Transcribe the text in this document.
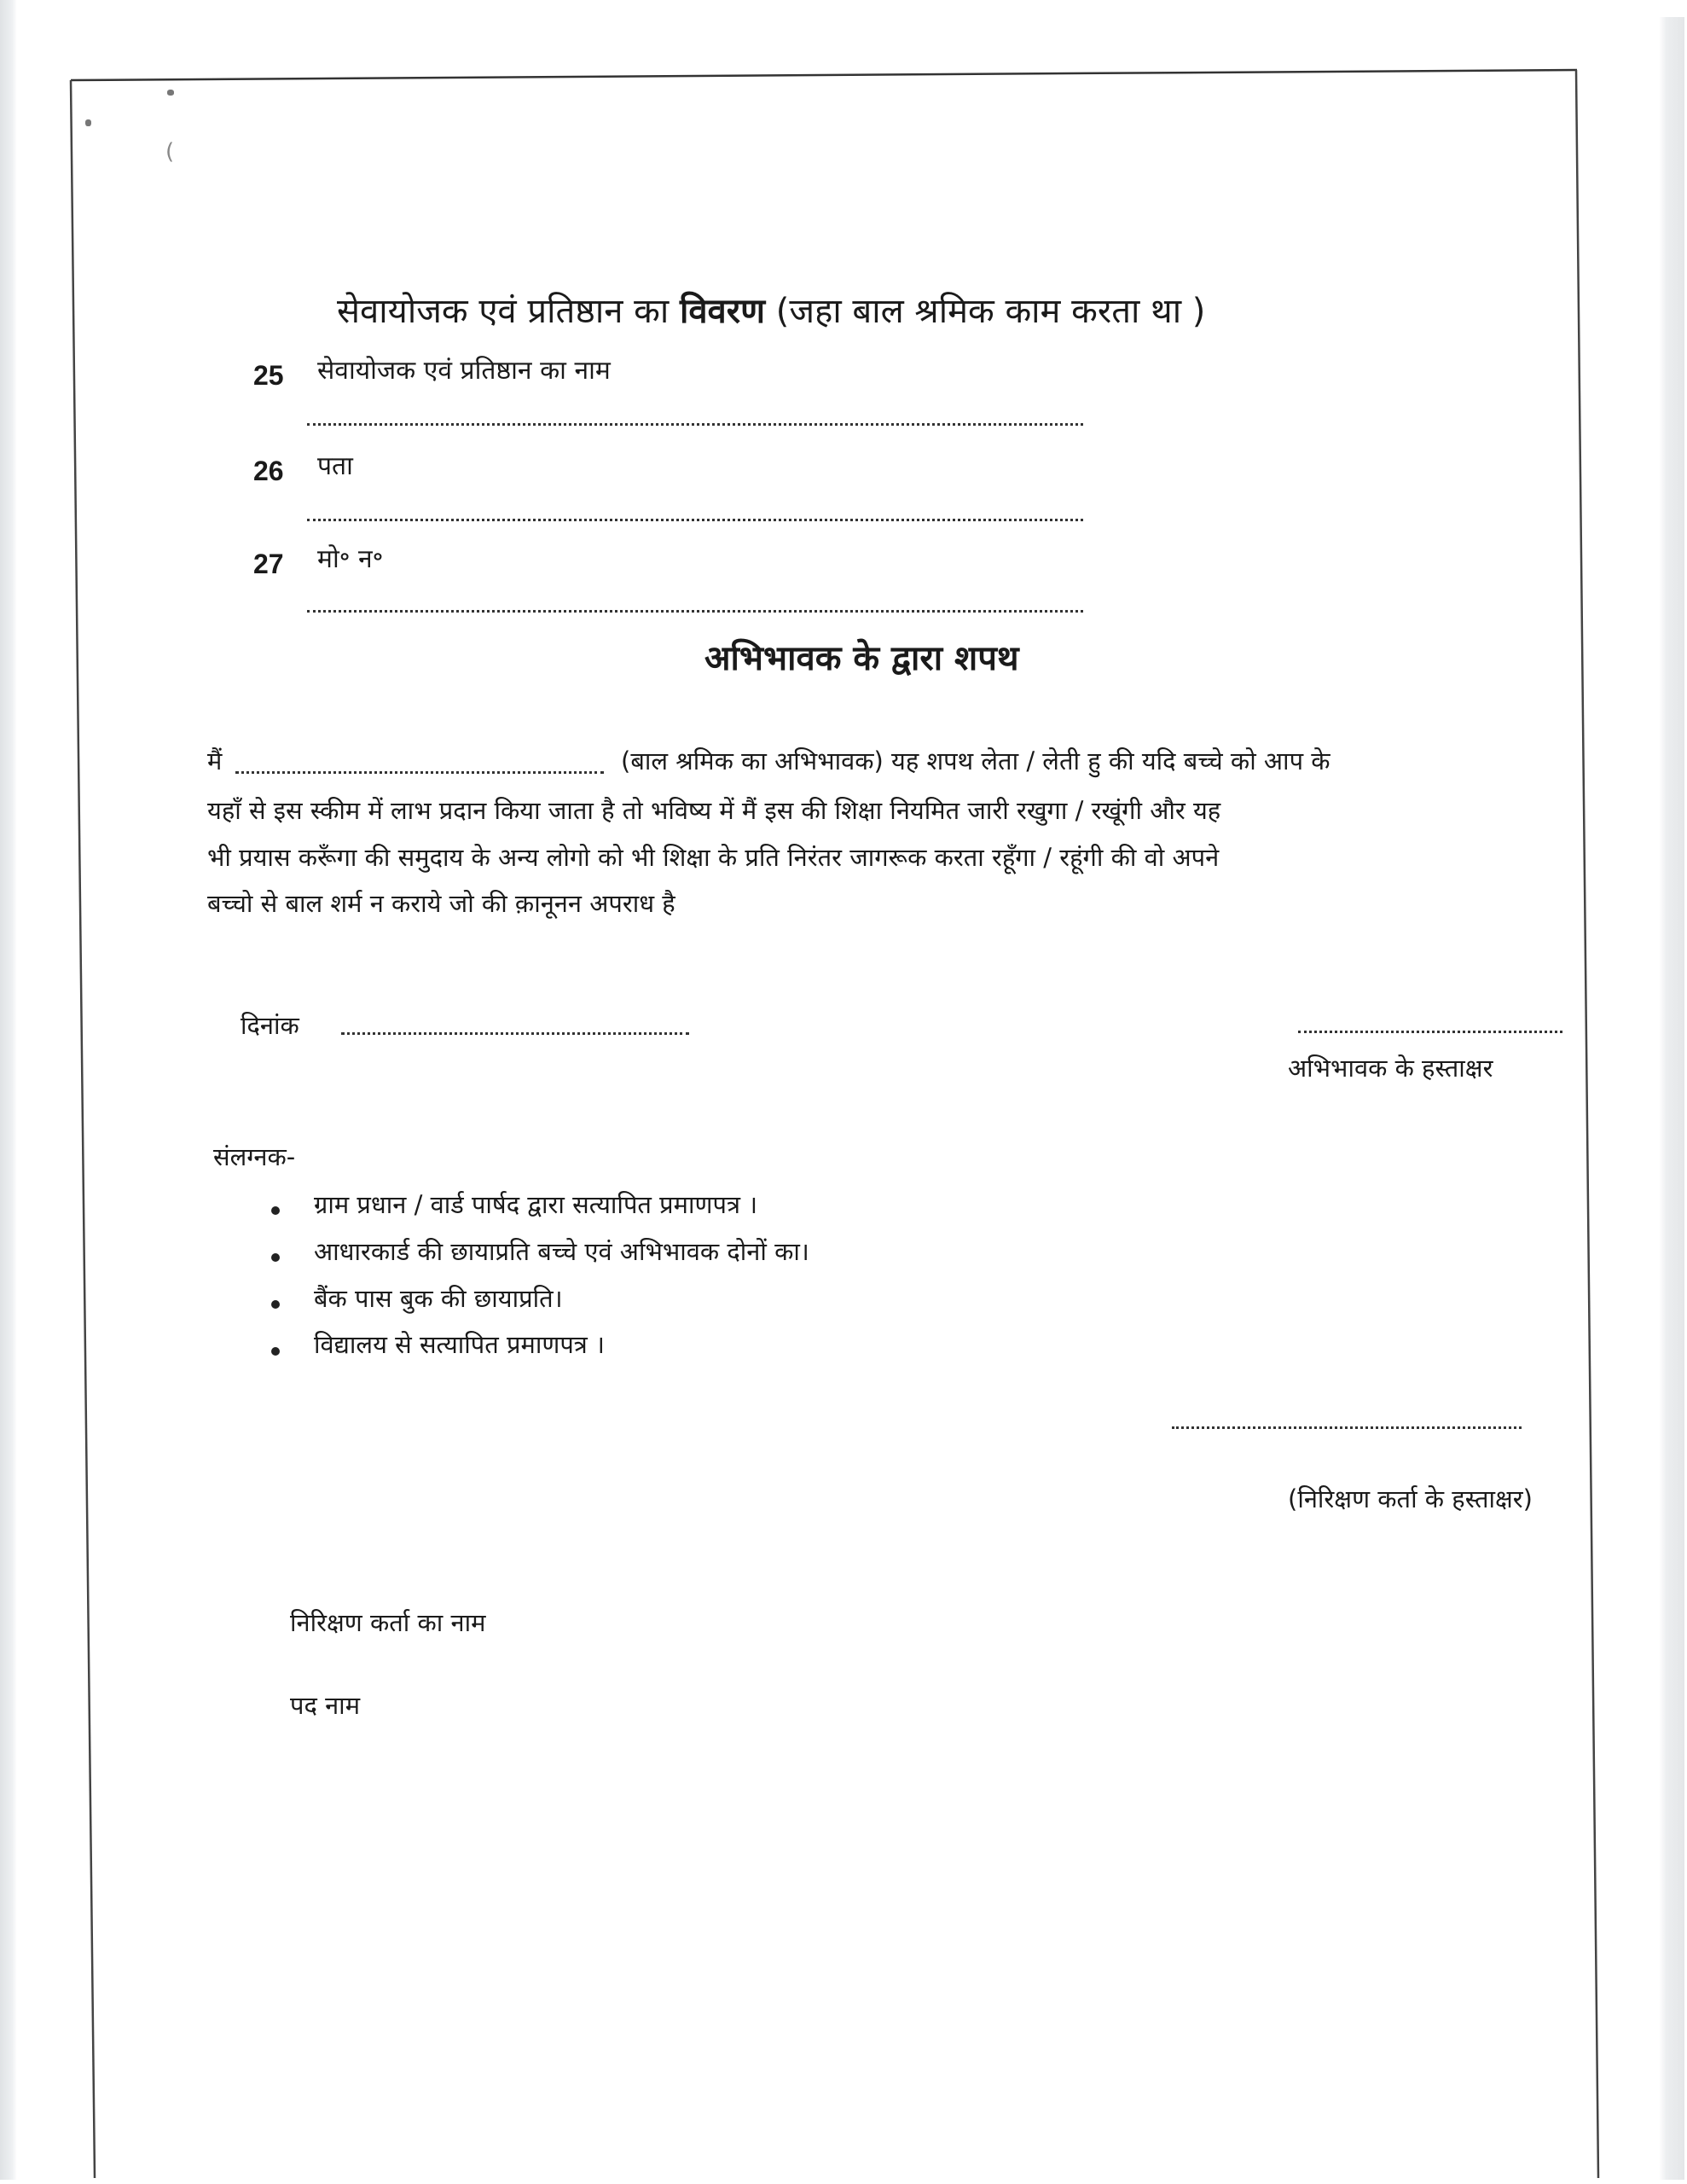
(
सेवायोजक एवं प्रतिष्ठान का विवरण (जहा बाल श्रमिक काम करता था )
25 सेवायोजक एवं प्रतिष्ठान का नाम
26 पता
27 मो॰ न॰
अभिभावक के द्वारा शपथ
मैं	(बाल श्रमिक का अभिभावक) यह शपथ लेता / लेती हु की यदि बच्चे को आप के
यहाँ से इस स्कीम में लाभ प्रदान किया जाता है तो भविष्य में मैं इस की शिक्षा नियमित जारी रखुगा / रखूंगी और यह
भी प्रयास करूँगा की समुदाय के अन्य लोगो को भी शिक्षा के प्रति निरंतर जागरूक करता रहूँगा / रहूंगी की वो अपने
बच्चो से बाल शर्म न कराये जो की क़ानूनन अपराध है
दिनांक
अभिभावक के हस्ताक्षर
संलग्नक-
ग्राम प्रधान / वार्ड पार्षद द्वारा सत्यापित प्रमाणपत्र ।
आधारकार्ड की छायाप्रति बच्चे एवं अभिभावक दोनों का।
बैंक पास बुक की छायाप्रति।
विद्यालय से सत्यापित प्रमाणपत्र ।
(निरिक्षण कर्ता के हस्ताक्षर)
निरिक्षण कर्ता का नाम
पद नाम
